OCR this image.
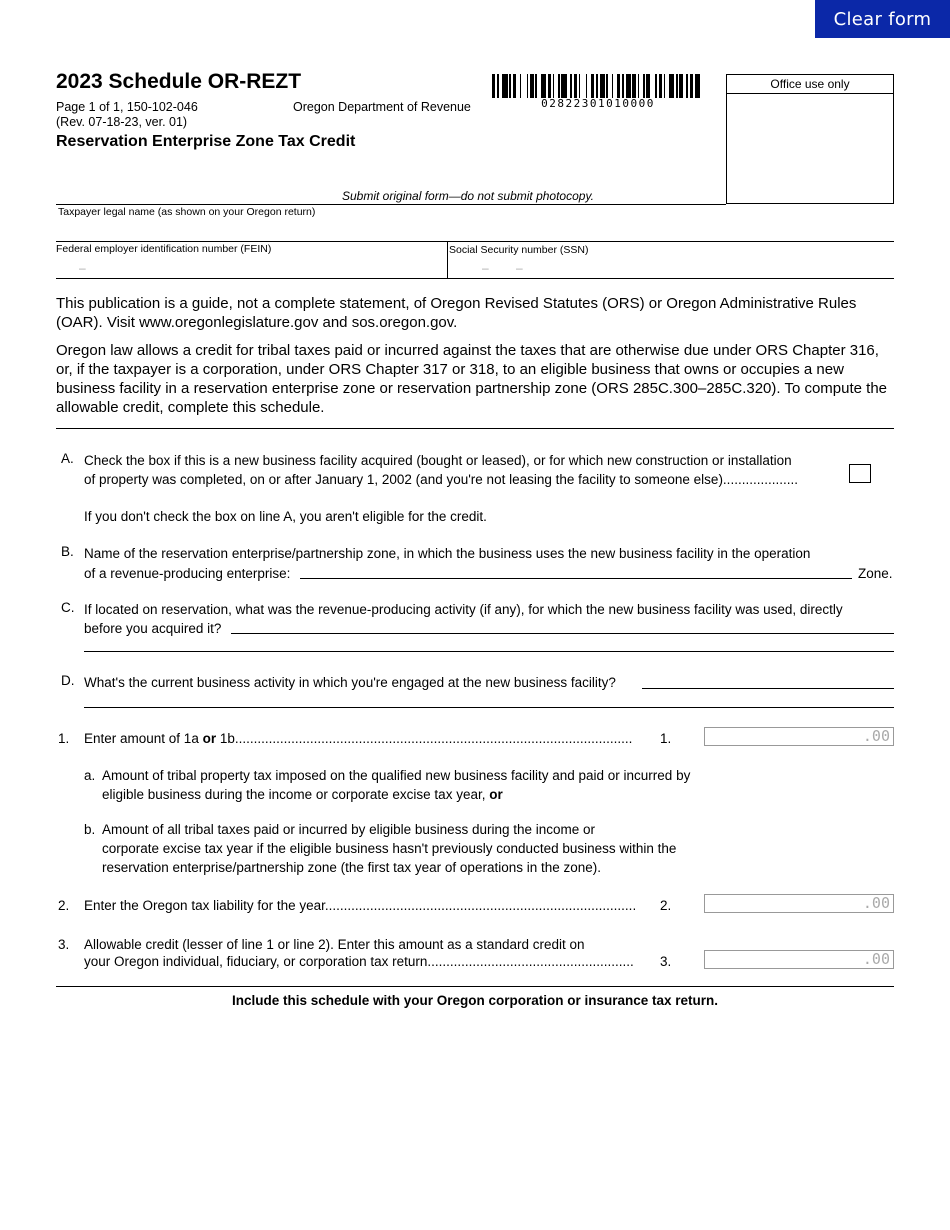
Clear form
2023 Schedule OR-REZT
Page 1 of 1, 150-102-046
(Rev. 07-18-23, ver. 01)
Oregon Department of Revenue
Reservation Enterprise Zone Tax Credit
02822301010000
Office use only
Submit original form—do not submit photocopy.
Taxpayer legal name (as shown on your Oregon return)
Federal employer identification number (FEIN)
–
Social Security number (SSN)
– –
This publication is a guide, not a complete statement, of Oregon Revised Statutes (ORS) or Oregon Administrative Rules (OAR). Visit www.oregonlegislature.gov and sos.oregon.gov.
Oregon law allows a credit for tribal taxes paid or incurred against the taxes that are otherwise due under ORS Chapter 316, or, if the taxpayer is a corporation, under ORS Chapter 317 or 318, to an eligible business that owns or occupies a new business facility in a reservation enterprise zone or reservation partnership zone (ORS 285C.300–285C.320). To compute the allowable credit, complete this schedule.
A. Check the box if this is a new business facility acquired (bought or leased), or for which new construction or installation
of property was completed, on or after January 1, 2002 (and you're not leasing the facility to someone else)....................
If you don't check the box on line A, you aren't eligible for the credit.
B. Name of the reservation enterprise/partnership zone, in which the business uses the new business facility in the operation
of a revenue-producing enterprise:	Zone.
C. If located on reservation, what was the revenue-producing activity (if any), for which the new business facility was used, directly
before you acquired it?
D. What's the current business activity in which you're engaged at the new business facility?
1. Enter amount of 1a or 1b..........................................................................................................	1.	.00
a. Amount of tribal property tax imposed on the qualified new business facility and paid or incurred by
eligible business during the income or corporate excise tax year, or
b. Amount of all tribal taxes paid or incurred by eligible business during the income or
corporate excise tax year if the eligible business hasn't previously conducted business within the
reservation enterprise/partnership zone (the first tax year of operations in the zone).
2. Enter the Oregon tax liability for the year...................................................................................	2.	.00
3. Allowable credit (lesser of line 1 or line 2). Enter this amount as a standard credit on
your Oregon individual, fiduciary, or corporation tax return.......................................................	3.	.00
Include this schedule with your Oregon corporation or insurance tax return.
